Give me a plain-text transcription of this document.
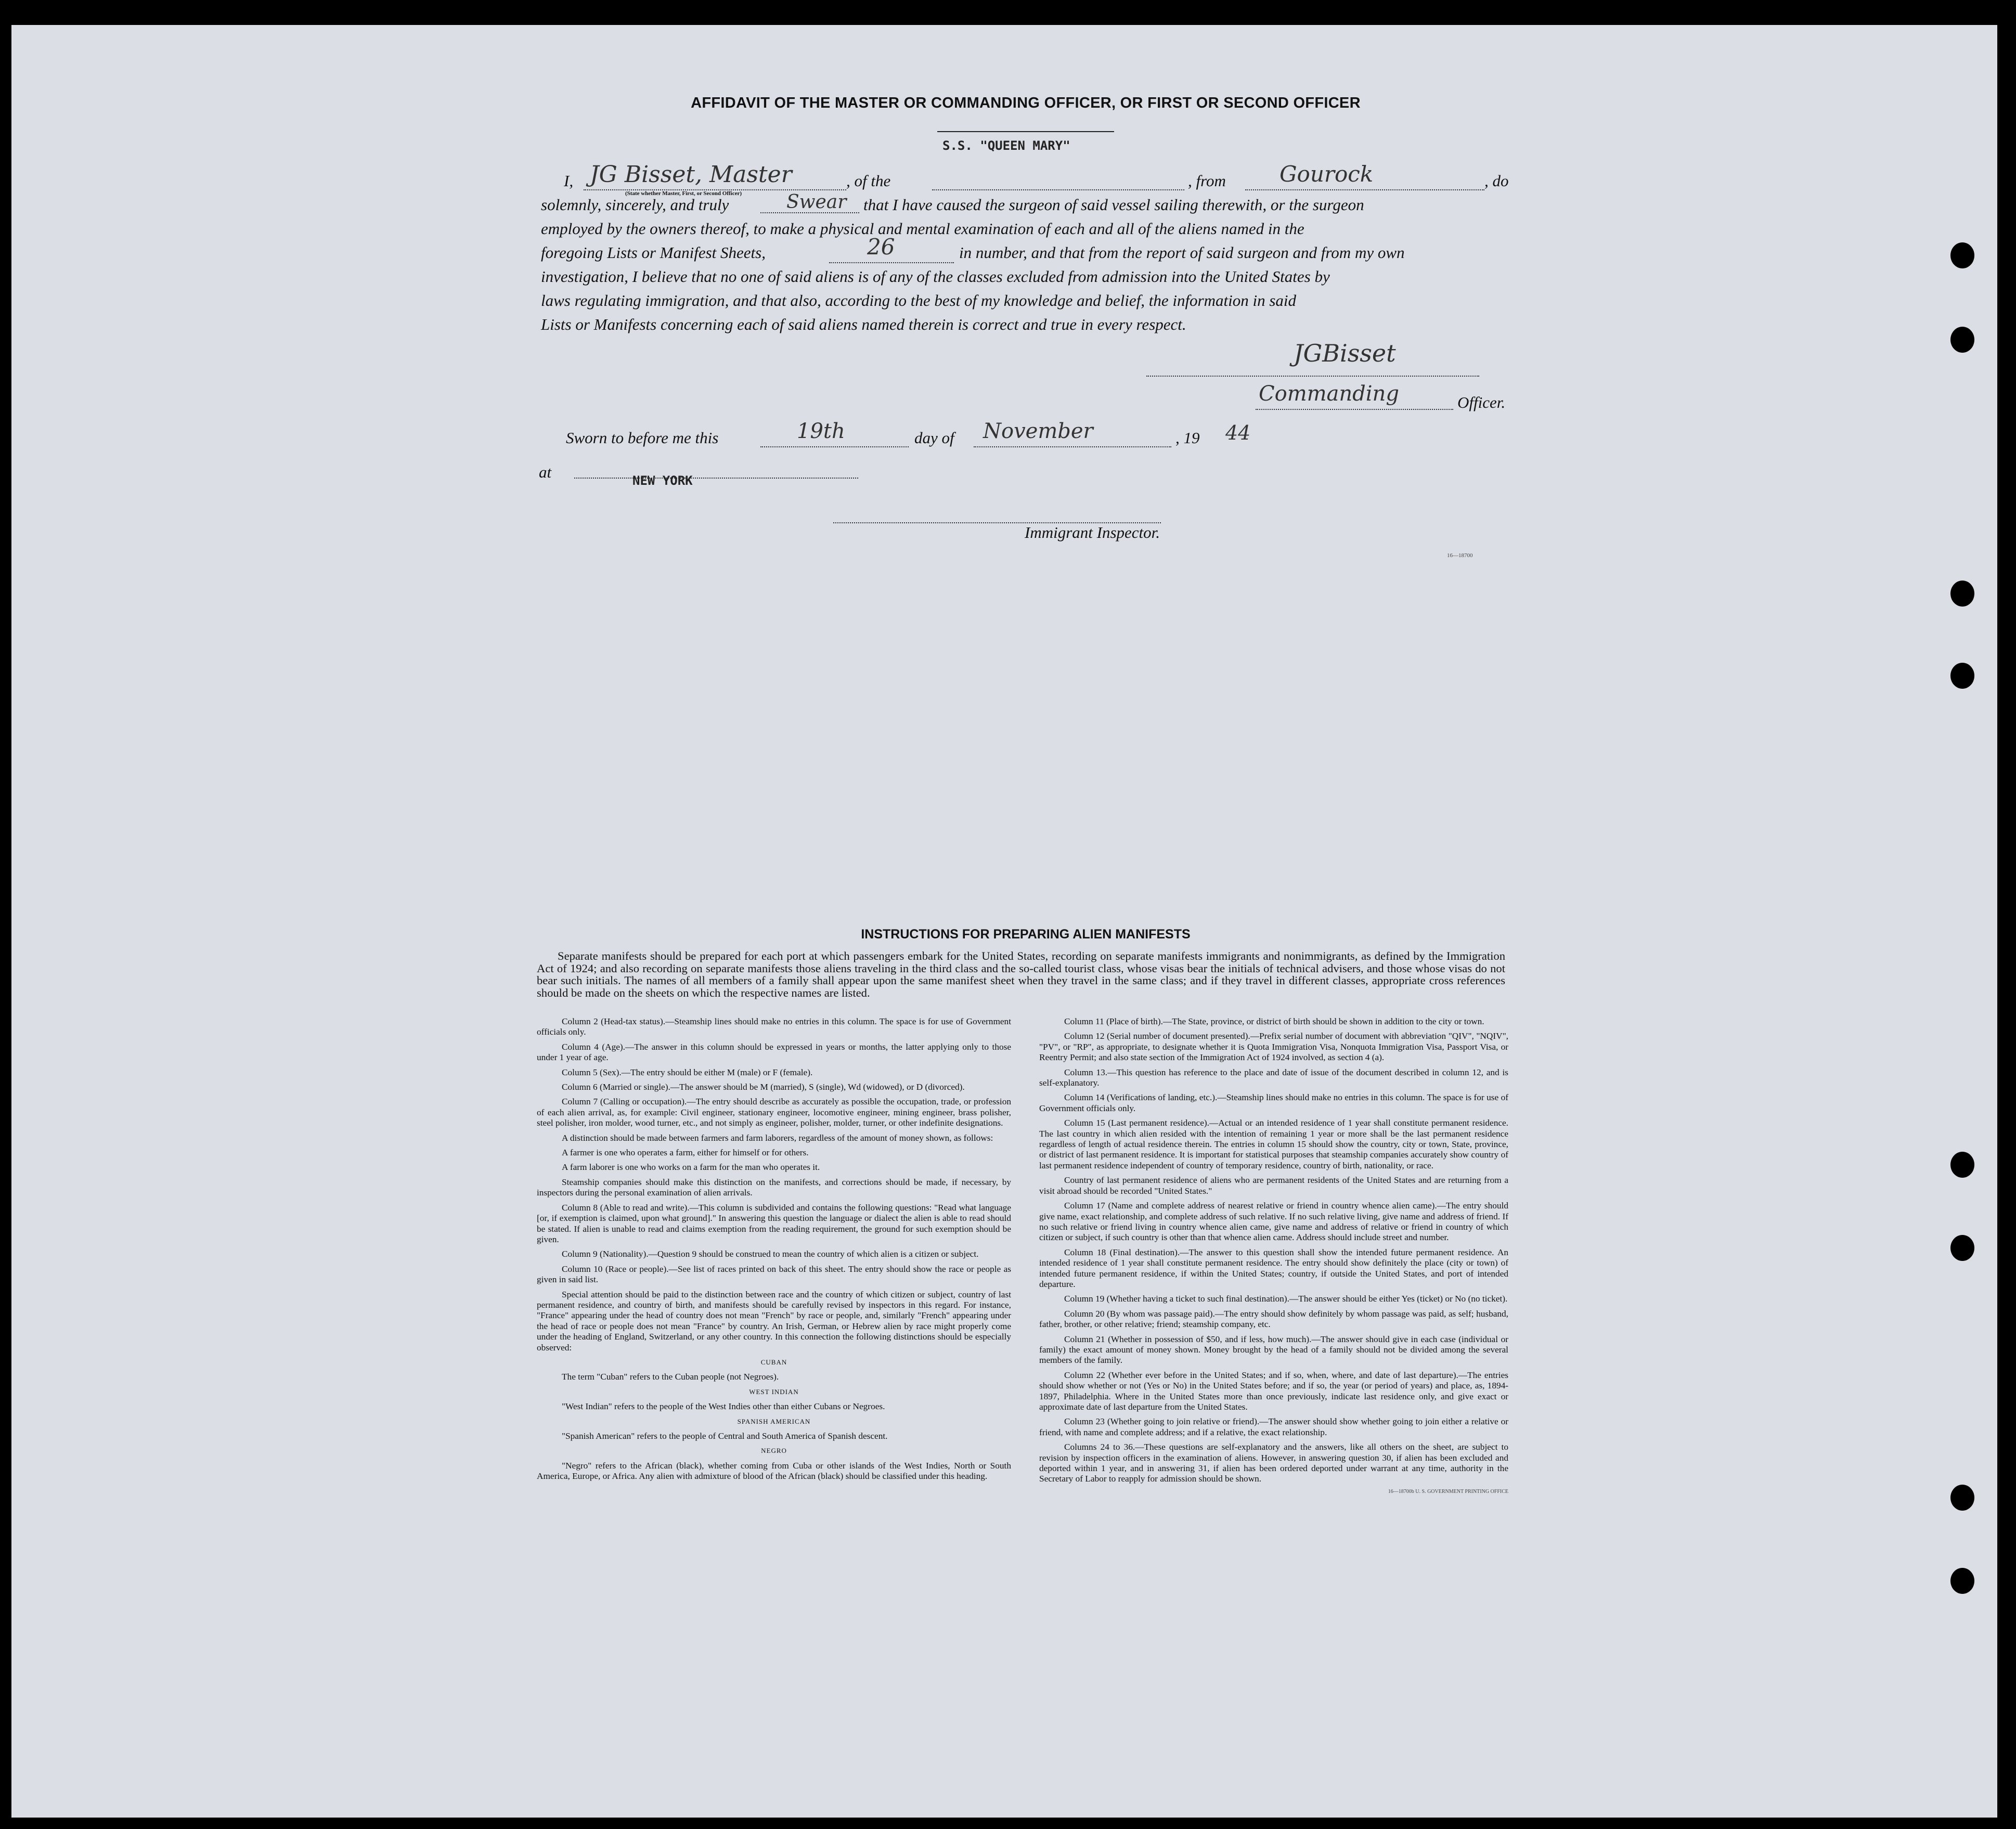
AFFIDAVIT OF THE MASTER OR COMMANDING OFFICER, OR FIRST OR SECOND OFFICER
S.S. "QUEEN MARY"
I, JG Bisset, Master
(State whether Master, First, or Second Officer)
, of the	, from Gourock	, do
solemnly, sincerely, and truly	Swear that I have caused the surgeon of said vessel sailing therewith, or the surgeon
employed by the owners thereof, to make a physical and mental examination of each and all of the aliens named in the
foregoing Lists or Manifest Sheets,	26	in number, and that from the report of said surgeon and from my own
investigation, I believe that no one of said aliens is of any of the classes excluded from admission into the United States by
laws regulating immigration, and that also, according to the best of my knowledge and belief, the information in said
Lists or Manifests concerning each of said aliens named therein is correct and true in every respect.
JGBisset
Commanding	Officer.
Sworn to before me this	19th	day of November	, 19 44
at	NEW YORK
Immigrant Inspector.
16—18700
INSTRUCTIONS FOR PREPARING ALIEN MANIFESTS
Separate manifests should be prepared for each port at which passengers embark for the United States, recording on separate manifests immigrants and nonimmigrants, as defined by the Immigration Act of 1924; and also recording on separate manifests those aliens traveling in the third class and the so-called tourist class, whose visas bear the initials of technical advisers, and those whose visas do not bear such initials. The names of all members of a family shall appear upon the same manifest sheet when they travel in the same class; and if they travel in different classes, appropriate cross references should be made on the sheets on which the respective names are listed.

Column 2 (Head-tax status).—Steamship lines should make no entries in this column. The space is for use of Government officials only.

Column 4 (Age).—The answer in this column should be expressed in years or months, the latter applying only to those under 1 year of age.

Column 5 (Sex).—The entry should be either M (male) or F (female).

Column 6 (Married or single).—The answer should be M (married), S (single), Wd (widowed), or D (divorced).

Column 7 (Calling or occupation).—The entry should describe as accurately as possible the occupation, trade, or profession of each alien arrival, as, for example: Civil engineer, stationary engineer, locomotive engineer, mining engineer, brass polisher, steel polisher, iron molder, wood turner, etc., and not simply as engineer, polisher, molder, turner, or other indefinite designations.

A distinction should be made between farmers and farm laborers, regardless of the amount of money shown, as follows:

A farmer is one who operates a farm, either for himself or for others.

A farm laborer is one who works on a farm for the man who operates it.

Steamship companies should make this distinction on the manifests, and corrections should be made, if necessary, by inspectors during the personal examination of alien arrivals.

Column 8 (Able to read and write).—This column is subdivided and contains the following questions: "Read what language [or, if exemption is claimed, upon what ground]." In answering this question the language or dialect the alien is able to read should be stated. If alien is unable to read and claims exemption from the reading requirement, the ground for such exemption should be given.

Column 9 (Nationality).—Question 9 should be construed to mean the country of which alien is a citizen or subject.

Column 10 (Race or people).—See list of races printed on back of this sheet. The entry should show the race or people as given in said list.

Special attention should be paid to the distinction between race and the country of which citizen or subject, country of last permanent residence, and country of birth, and manifests should be carefully revised by inspectors in this regard. For instance, "France" appearing under the head of country does not mean "French" by race or people, and, similarly "French" appearing under the head of race or people does not mean "France" by country. An Irish, German, or Hebrew alien by race might properly come under the heading of England, Switzerland, or any other country. In this connection the following distinctions should be especially observed:

CUBAN

The term "Cuban" refers to the Cuban people (not Negroes).

WEST INDIAN

"West Indian" refers to the people of the West Indies other than either Cubans or Negroes.

SPANISH AMERICAN

"Spanish American" refers to the people of Central and South America of Spanish descent.

NEGRO

"Negro" refers to the African (black), whether coming from Cuba or other islands of the West Indies, North or South America, Europe, or Africa. Any alien with admixture of blood of the African (black) should be classified under this heading.

Column 11 (Place of birth).—The State, province, or district of birth should be shown in addition to the city or town.

Column 12 (Serial number of document presented).—Prefix serial number of document with abbreviation "QIV", "NQIV", "PV", or "RP", as appropriate, to designate whether it is Quota Immigration Visa, Nonquota Immigration Visa, Passport Visa, or Reentry Permit; and also state section of the Immigration Act of 1924 involved, as section 4 (a).

Column 13.—This question has reference to the place and date of issue of the document described in column 12, and is self-explanatory.

Column 14 (Verifications of landing, etc.).—Steamship lines should make no entries in this column. The space is for use of Government officials only.

Column 15 (Last permanent residence).—Actual or an intended residence of 1 year shall constitute permanent residence. The last country in which alien resided with the intention of remaining 1 year or more shall be the last permanent residence regardless of length of actual residence therein. The entries in column 15 should show the country, city or town, State, province, or district of last permanent residence. It is important for statistical purposes that steamship companies accurately show country of last permanent residence independent of country of temporary residence, country of birth, nationality, or race.

Country of last permanent residence of aliens who are permanent residents of the United States and are returning from a visit abroad should be recorded "United States."

Column 17 (Name and complete address of nearest relative or friend in country whence alien came).—The entry should give name, exact relationship, and complete address of such relative. If no such relative living, give name and address of friend. If no such relative or friend living in country whence alien came, give name and address of relative or friend in country of which citizen or subject, if such country is other than that whence alien came. Address should include street and number.

Column 18 (Final destination).—The answer to this question shall show the intended future permanent residence. An intended residence of 1 year shall constitute permanent residence. The entry should show definitely the place (city or town) of intended future permanent residence, if within the United States; country, if outside the United States, and port of intended departure.

Column 19 (Whether having a ticket to such final destination).—The answer should be either Yes (ticket) or No (no ticket).

Column 20 (By whom was passage paid).—The entry should show definitely by whom passage was paid, as self; husband, father, brother, or other relative; friend; steamship company, etc.

Column 21 (Whether in possession of $50, and if less, how much).—The answer should give in each case (individual or family) the exact amount of money shown. Money brought by the head of a family should not be divided among the several members of the family.

Column 22 (Whether ever before in the United States; and if so, when, where, and date of last departure).—The entries should show whether or not (Yes or No) in the United States before; and if so, the year (or period of years) and place, as, 1894-1897, Philadelphia. Where in the United States more than once previously, indicate last residence only, and give exact or approximate date of last departure from the United States.

Column 23 (Whether going to join relative or friend).—The answer should show whether going to join either a relative or friend, with name and complete address; and if a relative, the exact relationship.

Columns 24 to 36.—These questions are self-explanatory and the answers, like all others on the sheet, are subject to revision by inspection officers in the examination of aliens. However, in answering question 30, if alien has been excluded and deported within 1 year, and in answering 31, if alien has been ordered deported under warrant at any time, authority in the Secretary of Labor to reapply for admission should be shown.

16—18700b U. S. GOVERNMENT PRINTING OFFICE
